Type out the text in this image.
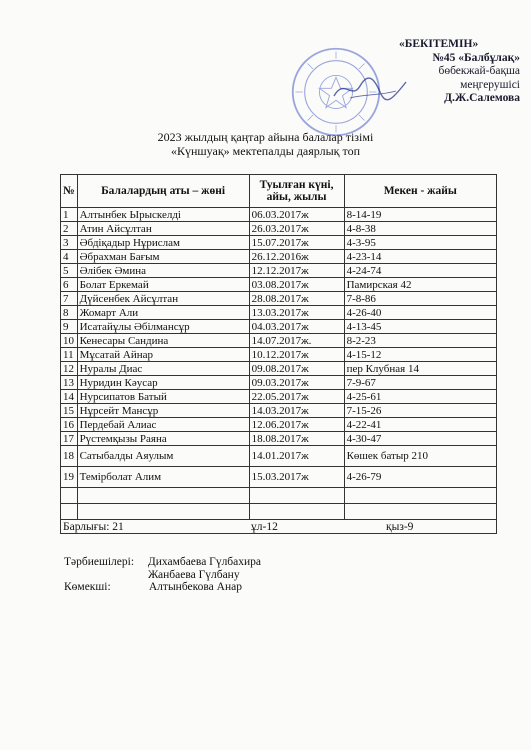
«БЕКІТЕМІН»
№45 «Балбұлақ»
бөбекжай-бақша
меңгерушісі
Д.Ж.Салемова
2023 жылдың қаңтар айына балалар тізімі
«Күншуақ» мектепалды даярлық топ
№	Балалардың аты – жөні	Туылған күні, айы, жылы	Мекен - жайы
1	Алтынбек Ырыскелді	06.03.2017ж	8-14-19
2	Атин Айсұлтан	26.03.2017ж	4-8-38
3	Әбдіқадыр Нұрислам	15.07.2017ж	4-3-95
4	Әбрахман Бағым	26.12.2016ж	4-23-14
5	Әлібек Әмина	12.12.2017ж	4-24-74
6	Болат Еркемай	03.08.2017ж	Памирская 42
7	Дүйсенбек Айсұлтан	28.08.2017ж	7-8-86
8	Жомарт Али	13.03.2017ж	4-26-40
9	Исатайұлы Әбілмансұр	04.03.2017ж	4-13-45
10	Кенесары Сандина	14.07.2017ж.	8-2-23
11	Мұсатай Айнар	10.12.2017ж	4-15-12
12	Нуралы Диас	09.08.2017ж	пер Клубная 14
13	Нуридин Кәусар	09.03.2017ж	7-9-67
14	Нурсипатов Батый	22.05.2017ж	4-25-61
15	Нұрсейт Мансұр	14.03.2017ж	7-15-26
16	Пердебай Алиас	12.06.2017ж	4-22-41
17	Рүстемқызы Раяна	18.08.2017ж	4-30-47
18	Сатыбалды Аяулым	14.01.2017ж	Көшек батыр 210
19	Темірболат Алим	15.03.2017ж	4-26-79

Барлығы: 21 ұл-12 қыз-9			
Тәрбиешілері: Дихамбаева Гүлбахира
Жанбаева Гүлбану
Көмекші:	Алтынбекова Анар
